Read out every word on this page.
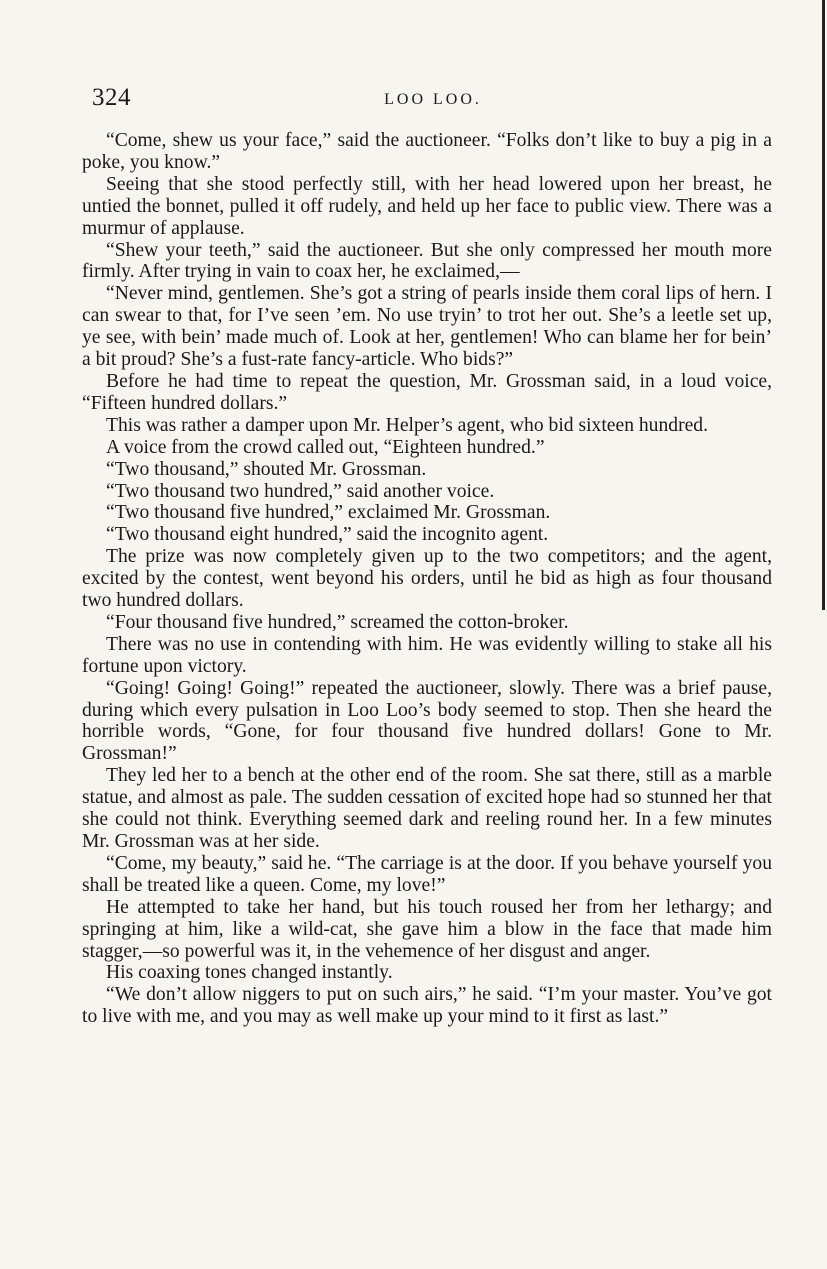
324	LOO LOO.

“Come, shew us your face,” said the auctioneer. “Folks don’t like to buy a pig in a poke, you know.”

Seeing that she stood perfectly still, with her head lowered upon her breast, he untied the bonnet, pulled it off rudely, and held up her face to public view. There was a murmur of applause.

“Shew your teeth,” said the auctioneer. But she only compressed her mouth more firmly. After trying in vain to coax her, he exclaimed,—

“Never mind, gentlemen. She’s got a string of pearls inside them coral lips of hern. I can swear to that, for I’ve seen ’em. No use tryin’ to trot her out. She’s a leetle set up, ye see, with bein’ made much of. Look at her, gentlemen! Who can blame her for bein’ a bit proud? She’s a fust-rate fancy-article. Who bids?”

Before he had time to repeat the question, Mr. Grossman said, in a loud voice, “Fifteen hundred dollars.”

This was rather a damper upon Mr. Helper’s agent, who bid sixteen hundred.

A voice from the crowd called out, “Eighteen hundred.”

“Two thousand,” shouted Mr. Grossman.

“Two thousand two hundred,” said another voice.

“Two thousand five hundred,” exclaimed Mr. Grossman.

“Two thousand eight hundred,” said the incognito agent.

The prize was now completely given up to the two competitors; and the agent, excited by the contest, went beyond his orders, until he bid as high as four thousand two hundred dollars.

“Four thousand five hundred,” screamed the cotton-broker.

There was no use in contending with him. He was evidently willing to stake all his fortune upon victory.

“Going! Going! Going!” repeated the auctioneer, slowly. There was a brief pause, during which every pulsation in Loo Loo’s body seemed to stop. Then she heard the horrible words, “Gone, for four thousand five hundred dollars! Gone to Mr. Grossman!”

They led her to a bench at the other end of the room. She sat there, still as a marble statue, and almost as pale. The sudden cessation of excited hope had so stunned her that she could not think. Everything seemed dark and reeling round her. In a few minutes Mr. Grossman was at her side.

“Come, my beauty,” said he. “The carriage is at the door. If you behave yourself you shall be treated like a queen. Come, my love!”

He attempted to take her hand, but his touch roused her from her lethargy; and springing at him, like a wild-cat, she gave him a blow in the face that made him stagger,—so powerful was it, in the vehemence of her disgust and anger.

His coaxing tones changed instantly.

“We don’t allow niggers to put on such airs,” he said. “I’m your master. You’ve got to live with me, and you may as well make up your mind to it first as last.”
